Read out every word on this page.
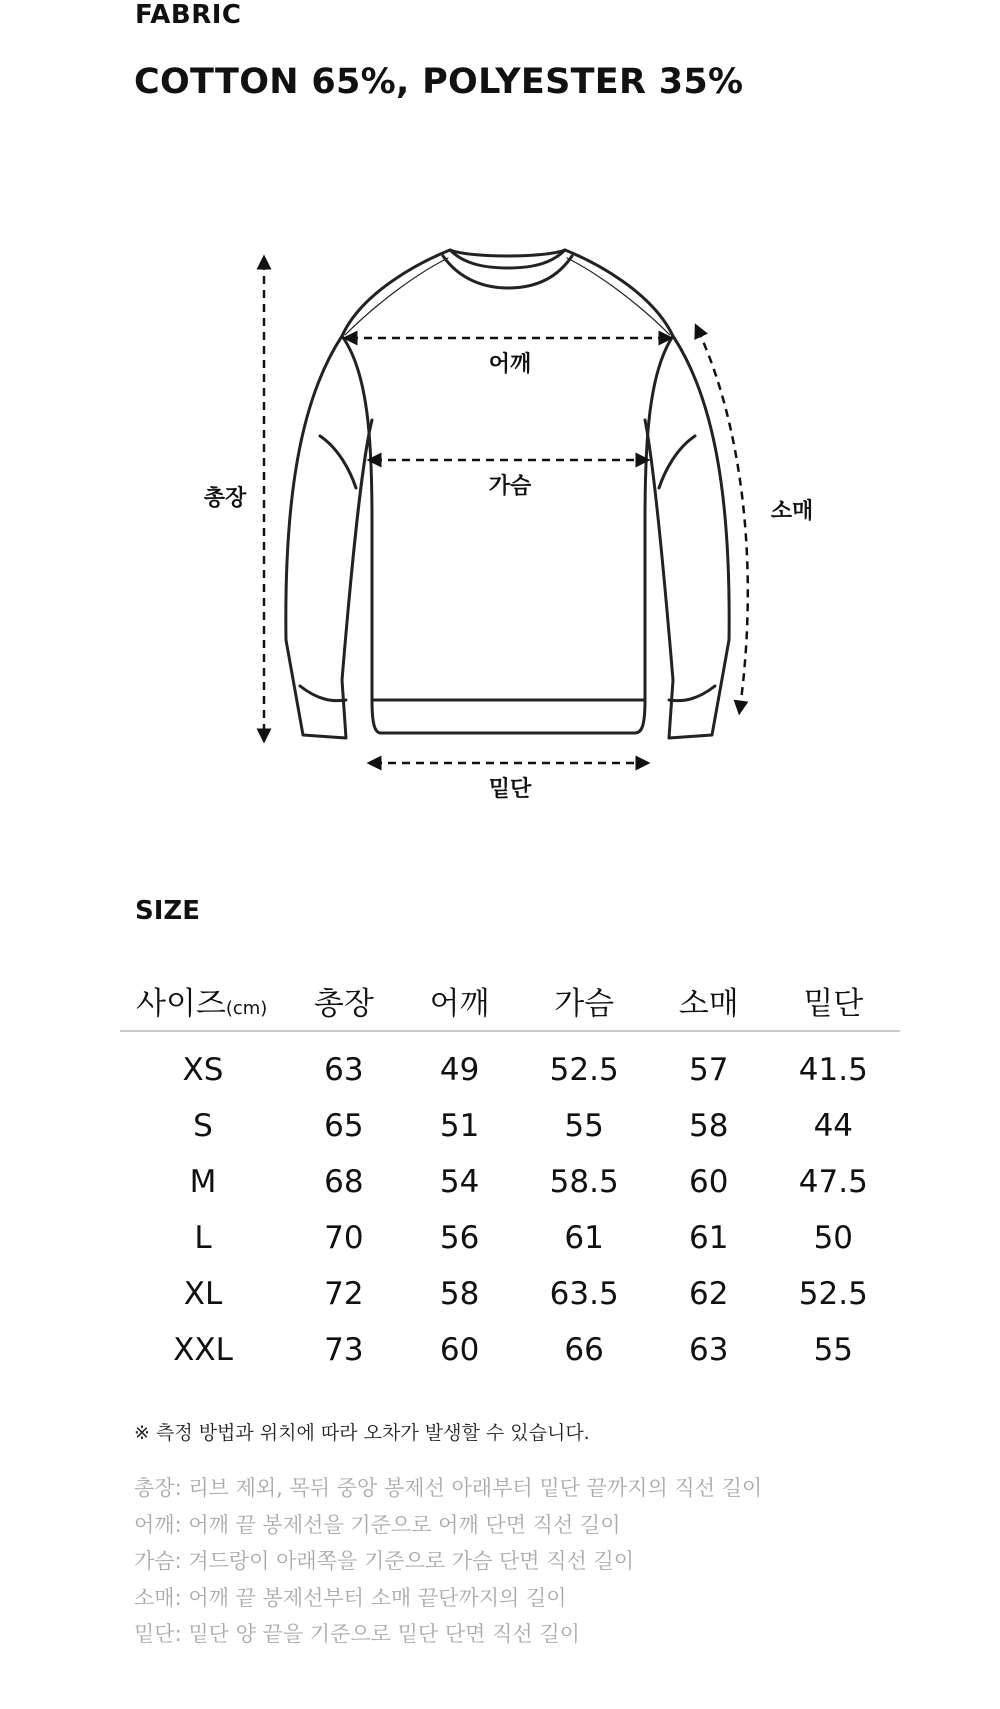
FABRIC
COTTON 65%, POLYESTER 35%
어깨
가슴
총장
소매
밑단
SIZE
사이즈(cm)	총장	어깨	가슴	소매	밑단
XS	63	49	52.5	57	41.5
S	65	51	55	58	44
M	68	54	58.5	60	47.5
L	70	56	61	61	50
XL	72	58	63.5	62	52.5
XXL	73	60	66	63	55
※ 측정 방법과 위치에 따라 오차가 발생할 수 있습니다.
총장: 리브 제외, 목뒤 중앙 봉제선 아래부터 밑단 끝까지의 직선 길이
어깨: 어깨 끝 봉제선을 기준으로 어깨 단면 직선 길이
가슴: 겨드랑이 아래쪽을 기준으로 가슴 단면 직선 길이
소매: 어깨 끝 봉제선부터 소매 끝단까지의 길이
밑단: 밑단 양 끝을 기준으로 밑단 단면 직선 길이
